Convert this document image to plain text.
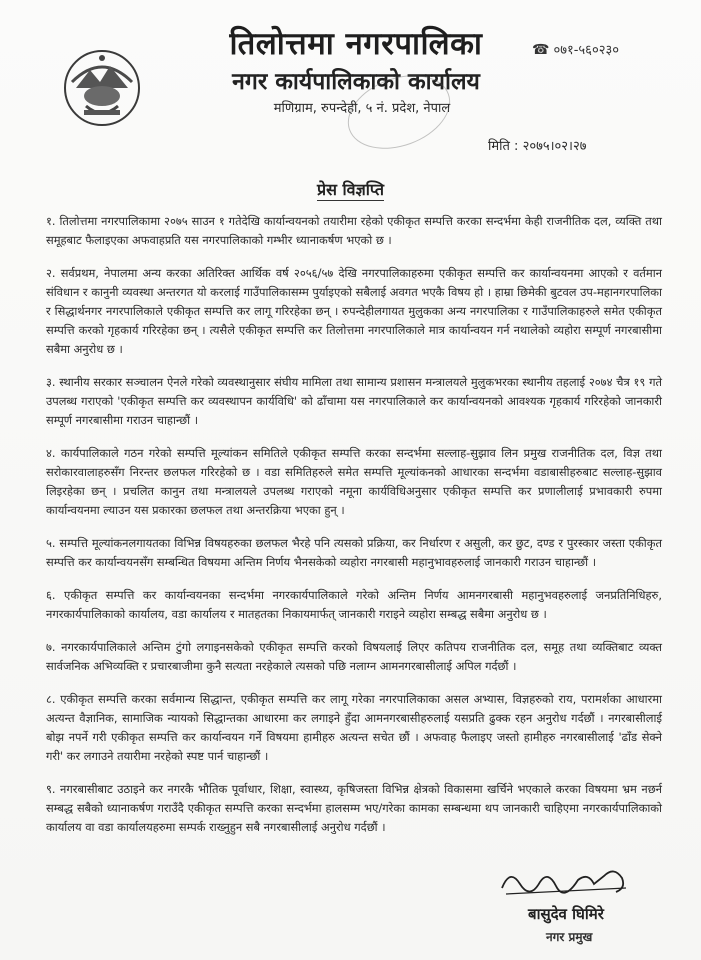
तिलोत्तमा नगरपालिका
नगर कार्यपालिकाको कार्यालय
मणिग्राम, रुपन्देही, ५ नं. प्रदेश, नेपाल
☎ ०७१-५६०२३०
मिति : २०७५।०२।२७
प्रेस विज्ञप्ति

१. तिलोत्तमा नगरपालिकामा २०७५ साउन १ गतेदेखि कार्यान्वयनको तयारीमा रहेको एकीकृत सम्पत्ति करका सन्दर्भमा केही राजनीतिक दल, व्यक्ति तथा समूहबाट फैलाइएका अफवाहप्रति यस नगरपालिकाको गम्भीर ध्यानाकर्षण भएको छ ।

२. सर्वप्रथम, नेपालमा अन्य करका अतिरिक्त आर्थिक वर्ष २०५६/५७ देखि नगरपालिकाहरुमा एकीकृत सम्पत्ति कर कार्यान्वयनमा आएको र वर्तमान संविधान र कानुनी व्यवस्था अन्तरगत यो करलाई गाउँपालिकासम्म पुर्याइएको सबैलाई अवगत भएकै विषय हो । हाम्रा छिमेकी बुटवल उप-महानगरपालिका र सिद्धार्थनगर नगरपालिकाले एकीकृत सम्पत्ति कर लागू गरिरहेका छन् । रुपन्देहीलगायत मुलुकका अन्य नगरपालिका र गाउँपालिकाहरुले समेत एकीकृत सम्पत्ति करको गृहकार्य गरिरहेका छन् । त्यसैले एकीकृत सम्पत्ति कर तिलोत्तमा नगरपालिकाले मात्र कार्यान्वयन गर्न नथालेको व्यहोरा सम्पूर्ण नगरबासीमा सबैमा अनुरोध छ ।

३. स्थानीय सरकार सञ्चालन ऐनले गरेको व्यवस्थानुसार संघीय मामिला तथा सामान्य प्रशासन मन्त्रालयले मुलुकभरका स्थानीय तहलाई २०७४ चैत्र १९ गते उपलब्ध गराएको 'एकीकृत सम्पत्ति कर व्यवस्थापन कार्यविधि' को ढाँचामा यस नगरपालिकाले कर कार्यान्वयनको आवश्यक गृहकार्य गरिरहेको जानकारी सम्पूर्ण नगरबासीमा गराउन चाहान्छौं ।

४. कार्यपालिकाले गठन गरेको सम्पत्ति मूल्यांकन समितिले एकीकृत सम्पत्ति करका सन्दर्भमा सल्लाह-सुझाव लिन प्रमुख राजनीतिक दल, विज्ञ तथा सरोकारवालाहरुसँग निरन्तर छलफल गरिरहेको छ । वडा समितिहरुले समेत सम्पत्ति मूल्यांकनको आधारका सन्दर्भमा वडाबासीहरुबाट सल्लाह-सुझाव लिइरहेका छन् । प्रचलित कानुन तथा मन्त्रालयले उपलब्ध गराएको नमूना कार्यविधिअनुसार एकीकृत सम्पत्ति कर प्रणालीलाई प्रभावकारी रुपमा कार्यान्वयनमा ल्याउन यस प्रकारका छलफल तथा अन्तरक्रिया भएका हुन् ।

५. सम्पत्ति मूल्यांकनलगायतका विभिन्न विषयहरुका छलफल भैरहे पनि त्यसको प्रक्रिया, कर निर्धारण र असुली, कर छुट, दण्ड र पुरस्कार जस्ता एकीकृत सम्पत्ति कर कार्यान्वयनसँग सम्बन्धित विषयमा अन्तिम निर्णय भैनसकेको व्यहोरा नगरबासी महानुभावहरुलाई जानकारी गराउन चाहान्छौं ।

६. एकीकृत सम्पत्ति कर कार्यान्वयनका सन्दर्भमा नगरकार्यपालिकाले गरेको अन्तिम निर्णय आमनगरबासी महानुभवहरुलाई जनप्रतिनिधिहरु, नगरकार्यपालिकाको कार्यालय, वडा कार्यालय र मातहतका निकायमार्फत् जानकारी गराइने व्यहोरा सम्बद्ध सबैमा अनुरोध छ ।

७. नगरकार्यपालिकाले अन्तिम टुंगो लगाइनसकेको एकीकृत सम्पत्ति करको विषयलाई लिएर कतिपय राजनीतिक दल, समूह तथा व्यक्तिबाट व्यक्त सार्वजनिक अभिव्यक्ति र प्रचारबाजीमा कुनै सत्यता नरहेकाले त्यसको पछि नलाग्न आमनगरबासीलाई अपिल गर्दछौं ।

८. एकीकृत सम्पत्ति करका सर्वमान्य सिद्धान्त, एकीकृत सम्पत्ति कर लागू गरेका नगरपालिकाका असल अभ्यास, विज्ञहरुको राय, परामर्शका आधारमा अत्यन्त वैज्ञानिक, सामाजिक न्यायको सिद्धान्तका आधारमा कर लगाइने हुँदा आमनगरबासीहरुलाई यसप्रति ढुक्क रहन अनुरोध गर्दछौं । नगरबासीलाई बोझ नपर्ने गरी एकीकृत सम्पत्ति कर कार्यान्वयन गर्ने विषयमा हामीहरु अत्यन्त सचेत छौं । अफवाह फैलाइए जस्तो हामीहरु नगरबासीलाई 'ढाँड सेक्ने गरी' कर लगाउने तयारीमा नरहेको स्पष्ट पार्न चाहान्छौं ।

९. नगरबासीबाट उठाइने कर नगरकै भौतिक पूर्वाधार, शिक्षा, स्वास्थ्य, कृषिजस्ता विभिन्न क्षेत्रको विकासमा खर्चिने भएकाले करका विषयमा भ्रम नछर्न सम्बद्ध सबैको ध्यानाकर्षण गराउँदै एकीकृत सम्पत्ति करका सन्दर्भमा हालसम्म भए/गरेका कामका सम्बन्धमा थप जानकारी चाहिएमा नगरकार्यपालिकाको कार्यालय वा वडा कार्यालयहरुमा सम्पर्क राख्नुहुन सबै नगरबासीलाई अनुरोध गर्दछौं ।

बासुदेव घिमिरे
नगर प्रमुख
